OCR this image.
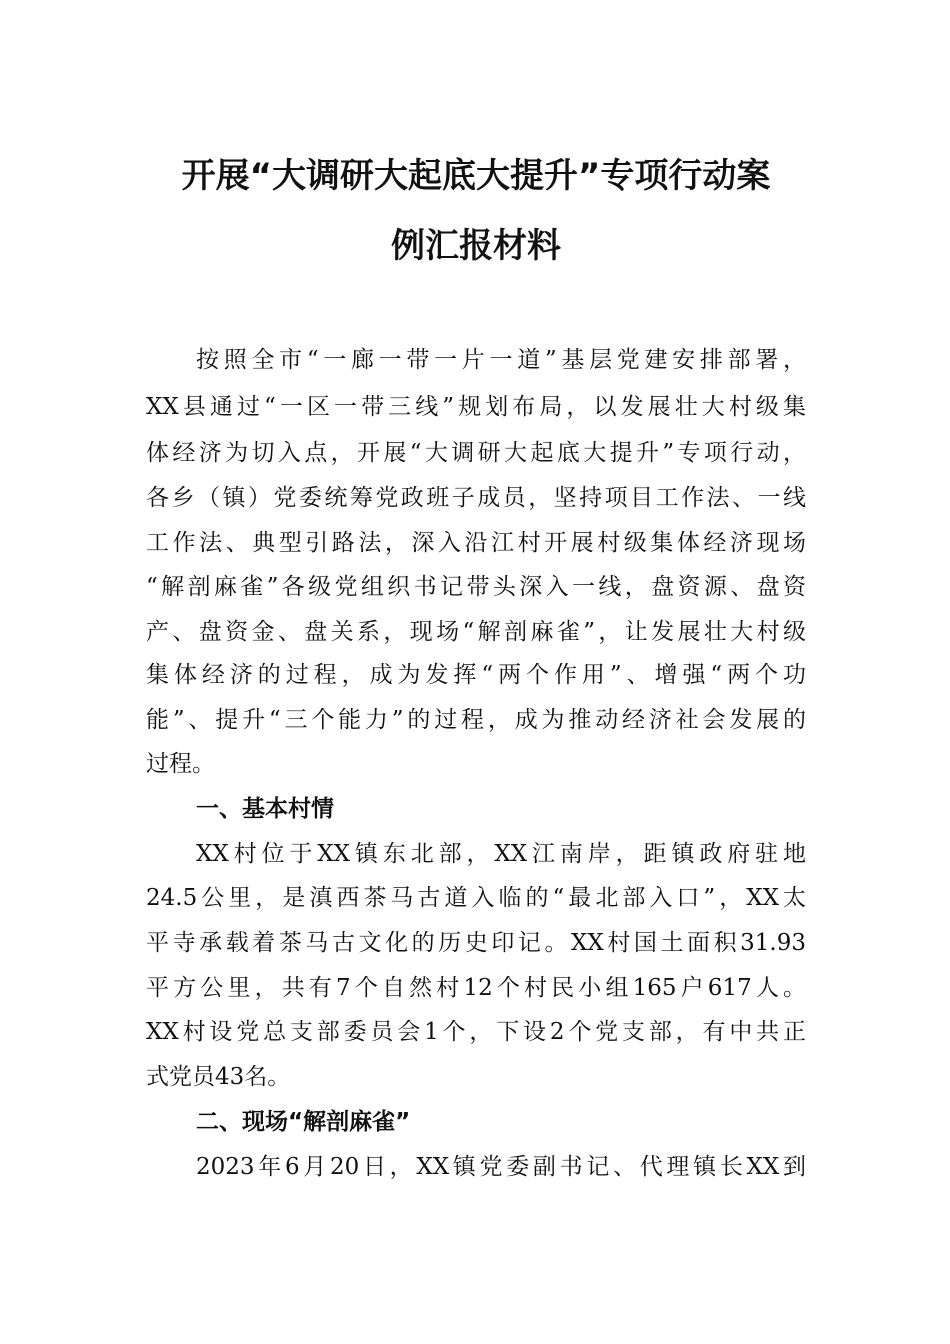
开展“大调研大起底大提升”专项行动案
例汇报材料
按照全市“一廊一带一片一道”基层党建安排部署，
XX县通过“一区一带三线”规划布局，以发展壮大村级集
体经济为切入点，开展“大调研大起底大提升”专项行动，
各乡（镇）党委统筹党政班子成员，坚持项目工作法、一线
工作法、典型引路法，深入沿江村开展村级集体经济现场
“解剖麻雀”各级党组织书记带头深入一线，盘资源、盘资
产、盘资金、盘关系，现场“解剖麻雀”，让发展壮大村级
集体经济的过程，成为发挥“两个作用”、增强“两个功
能”、提升“三个能力”的过程，成为推动经济社会发展的
过程。
一、基本村情
XX村位于XX镇东北部，XX江南岸，距镇政府驻地
24.5公里，是滇西茶马古道入临的“最北部入口”，XX太
平寺承载着茶马古文化的历史印记。XX村国土面积31.93
平方公里，共有7个自然村12个村民小组165户617人。
XX村设党总支部委员会1个，下设2个党支部，有中共正
式党员43名。
二、现场“解剖麻雀”
2023年6月20日，XX镇党委副书记、代理镇长XX到
